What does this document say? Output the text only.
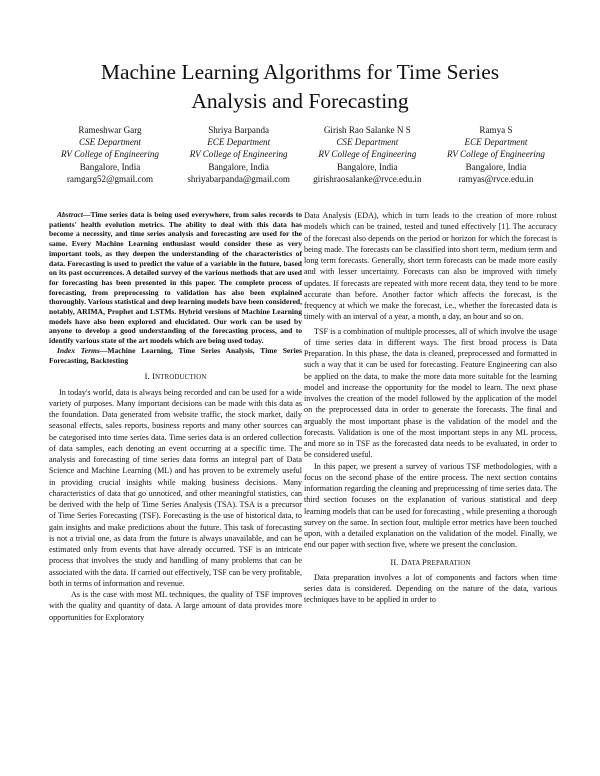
Machine Learning Algorithms for Time Series
Analysis and Forecasting
Rameshwar Garg
CSE Department
RV College of Engineering
Bangalore, India
ramgarg52@gmail.com
Shriya Barpanda
ECE Department
RV College of Engineering
Bangalore, India
shriyabarpanda@gmail.com
Girish Rao Salanke N S
CSE Department
RV College of Engineering
Bangalore, India
girishraosalanke@rvce.edu.in
Ramya S
ECE Department
RV College of Engineering
Bangalore, India
ramyas@rvce.edu.in

Abstract—Time series data is being used everywhere, from sales records to patients' health evolution metrics. The ability to deal with this data has become a necessity, and time series analysis and forecasting are used for the same. Every Machine Learning enthusiast would consider these as very important tools, as they deepen the understanding of the characteristics of data. Forecasting is used to predict the value of a variable in the future, based on its past occurrences. A detailed survey of the various methods that are used for forecasting has been presented in this paper. The complete process of forecasting, from preprocessing to validation has also been explained thoroughly. Various statistical and deep learning models have been considered, notably, ARIMA, Prophet and LSTMs. Hybrid versions of Machine Learning models have also been explored and elucidated. Our work can be used by anyone to develop a good understanding of the forecasting process, and to identify various state of the art models which are being used today.

Index Terms—Machine Learning, Time Series Analysis, Time Series Forecasting, Backtesting

I. INTRODUCTION

In today's world, data is always being recorded and can be used for a wide variety of purposes. Many important decisions can be made with this data as the foundation. Data generated from website traffic, the stock market, daily seasonal effects, sales reports, business reports and many other sources can be categorised into time series data. Time series data is an ordered collection of data samples, each denoting an event occurring at a specific time. The analysis and forecasting of time series data forms an integral part of Data Science and Machine Learning (ML) and has proven to be extremely useful in providing crucial insights while making business decisions. Many characteristics of data that go unnoticed, and other meaningful statistics, can be derived with the help of Time Series Analysis (TSA). TSA is a precursor of Time Series Forecasting (TSF). Forecasting is the use of historical data, to gain insights and make predictions about the future. This task of forecasting is not a trivial one, as data from the future is always unavailable, and can be estimated only from events that have already occurred. TSF is an intricate process that involves the study and handling of many problems that can be associated with the data. If carried out effectively, TSF can be very profitable, both in terms of information and revenue.

As is the case with most ML techniques, the quality of TSF improves with the quality and quantity of data. A large amount of data provides more opportunities for Exploratory

Data Analysis (EDA), which in turn leads to the creation of more robust models which can be trained, tested and tuned effectively [1]. The accuracy of the forecast also depends on the period or horizon for which the forecast is being made. The forecasts can be classified into short term, medium term and long term forecasts. Generally, short term forecasts can be made more easily and with lesser uncertainty. Forecasts can also be improved with timely updates. If forecasts are repeated with more recent data, they tend to be more accurate than before. Another factor which affects the forecast, is the frequency at which we make the forecast, i.e., whether the forecasted data is timely with an interval of a year, a month, a day, an hour and so on.

TSF is a combination of multiple processes, all of which involve the usage of time series data in different ways. The first broad process is Data Preparation. In this phase, the data is cleaned, preprocessed and formatted in such a way that it can be used for forecasting. Feature Engineering can also be applied on the data, to make the more data more suitable for the learning model and increase the opportunity for the model to learn. The next phase involves the creation of the model followed by the application of the model on the preprocessed data in order to generate the forecasts. The final and arguably the most important phase is the validation of the model and the forecasts. Validation is one of the most important steps in any ML process, and more so in TSF as the forecasted data needs to be evaluated, in order to be considered useful.

In this paper, we present a survey of various TSF methodologies, with a focus on the second phase of the entire process. The next section contains information regarding the cleaning and preprocessing of time series data. The third section focuses on the explanation of various statistical and deep learning models that can be used for forecasting , while presenting a thorough survey on the same. In section four, multiple error metrics have been touched upon, with a detailed explanation on the validation of the model. Finally, we end our paper with section five, where we present the conclusion.

II. DATA PREPARATION

Data preparation involves a lot of components and factors when time series data is considered. Depending on the nature of the data, various techniques have to be applied in order to
